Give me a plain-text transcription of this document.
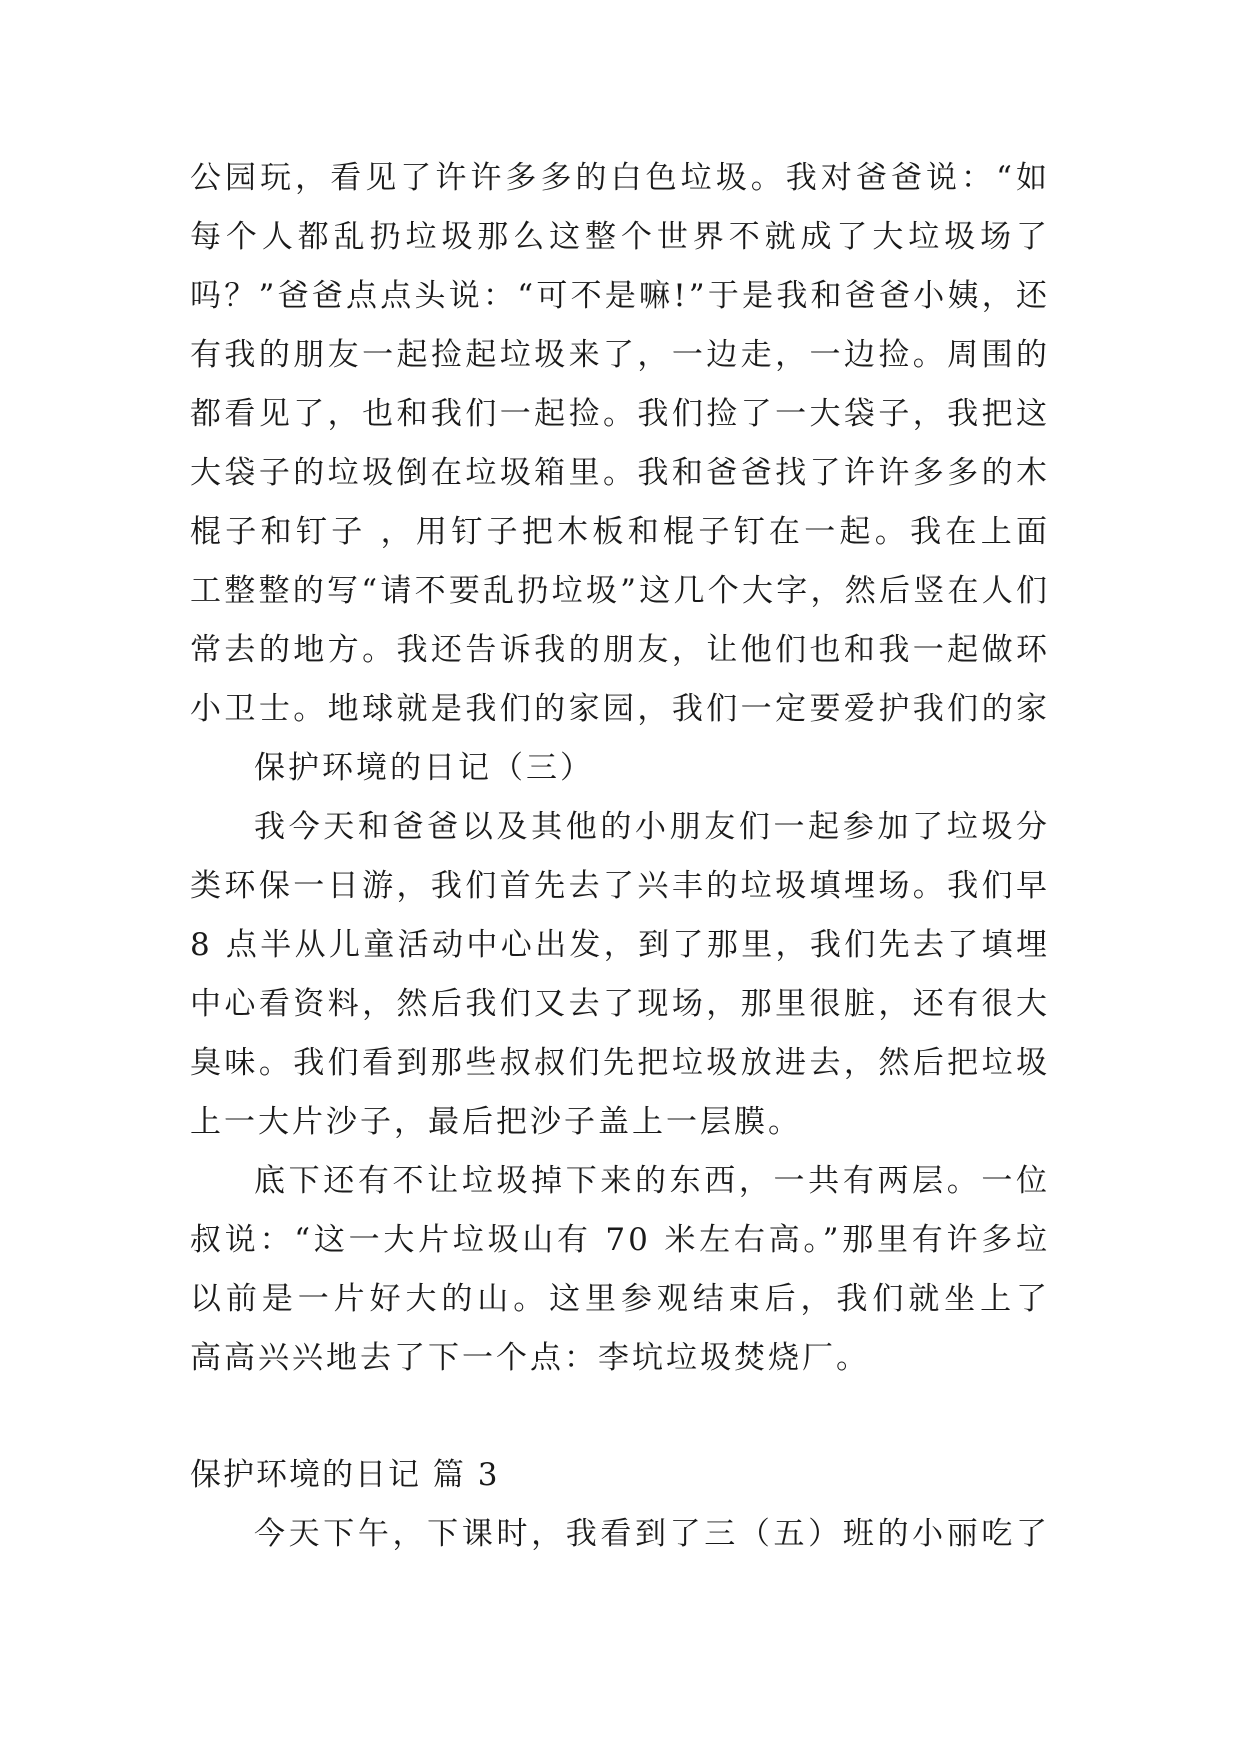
公园玩，看见了许许多多的白色垃圾。我对爸爸说：“如
每个人都乱扔垃圾那么这整个世界不就成了大垃圾场了
吗？”爸爸点点头说：“可不是嘛!”于是我和爸爸小姨，还
有我的朋友一起捡起垃圾来了，一边走，一边捡。周围的
都看见了，也和我们一起捡。我们捡了一大袋子，我把这
大袋子的垃圾倒在垃圾箱里。我和爸爸找了许许多多的木
棍子和钉子 ，用钉子把木板和棍子钉在一起。我在上面
工整整的写“请不要乱扔垃圾”这几个大字，然后竖在人们
常去的地方。我还告诉我的朋友，让他们也和我一起做环
小卫士。地球就是我们的家园，我们一定要爱护我们的家
保护环境的日记（三）
我今天和爸爸以及其他的小朋友们一起参加了垃圾分
类环保一日游，我们首先去了兴丰的垃圾填埋场。我们早
8 点半从儿童活动中心出发，到了那里，我们先去了填埋
中心看资料，然后我们又去了现场，那里很脏，还有很大
臭味。我们看到那些叔叔们先把垃圾放进去，然后把垃圾
上一大片沙子，最后把沙子盖上一层膜。
底下还有不让垃圾掉下来的东西，一共有两层。一位
叔说：“这一大片垃圾山有 70 米左右高。”那里有许多垃
以前是一片好大的山。这里参观结束后，我们就坐上了
高高兴兴地去了下一个点：李坑垃圾焚烧厂。
保护环境的日记 篇 3
今天下午，下课时，我看到了三（五）班的小丽吃了
